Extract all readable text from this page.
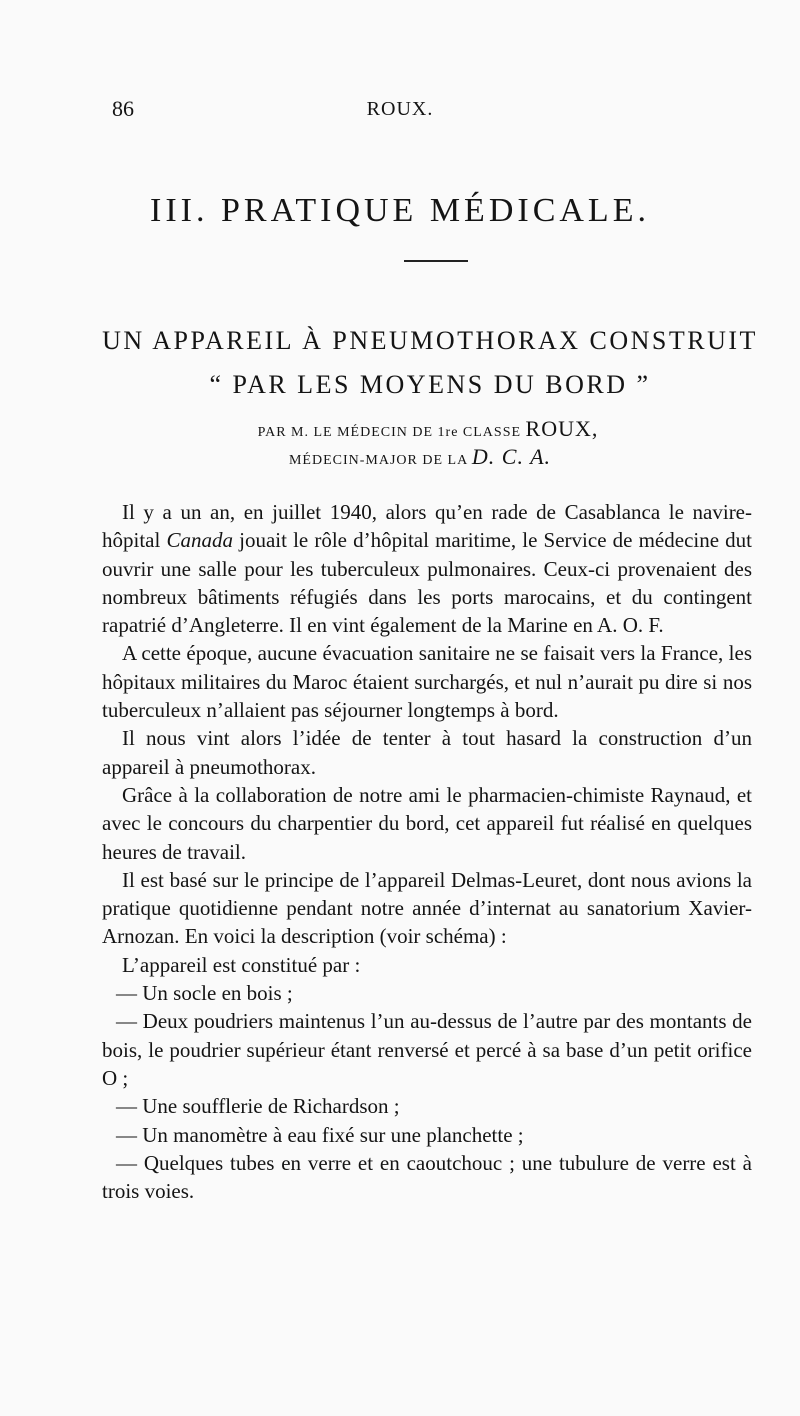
86	ROUX.
III. PRATIQUE MÉDICALE.
UN APPAREIL À PNEUMOTHORAX CONSTRUIT
“ PAR LES MOYENS DU BORD ”
PAR M. LE MÉDECIN DE 1re CLASSE ROUX,
MÉDECIN-MAJOR DE LA D. C. A.

Il y a un an, en juillet 1940, alors qu’en rade de Casablanca le navire-hôpital Canada jouait le rôle d’hôpital maritime, le Service de médecine dut ouvrir une salle pour les tuberculeux pulmonaires. Ceux-ci provenaient des nombreux bâtiments réfugiés dans les ports marocains, et du contingent rapatrié d’Angleterre. Il en vint également de la Marine en A. O. F.

A cette époque, aucune évacuation sanitaire ne se faisait vers la France, les hôpitaux militaires du Maroc étaient surchargés, et nul n’aurait pu dire si nos tuberculeux n’allaient pas séjourner longtemps à bord.

Il nous vint alors l’idée de tenter à tout hasard la construction d’un appareil à pneumothorax.

Grâce à la collaboration de notre ami le pharmacien-chimiste Raynaud, et avec le concours du charpentier du bord, cet appareil fut réalisé en quelques heures de travail.

Il est basé sur le principe de l’appareil Delmas-Leuret, dont nous avions la pratique quotidienne pendant notre année d’internat au sanatorium Xavier-Arnozan. En voici la description (voir schéma) :

L’appareil est constitué par :

— Un socle en bois ;

— Deux poudriers maintenus l’un au-dessus de l’autre par des montants de bois, le poudrier supérieur étant renversé et percé à sa base d’un petit orifice O ;

— Une soufflerie de Richardson ;

— Un manomètre à eau fixé sur une planchette ;

— Quelques tubes en verre et en caoutchouc ; une tubulure de verre est à trois voies.
